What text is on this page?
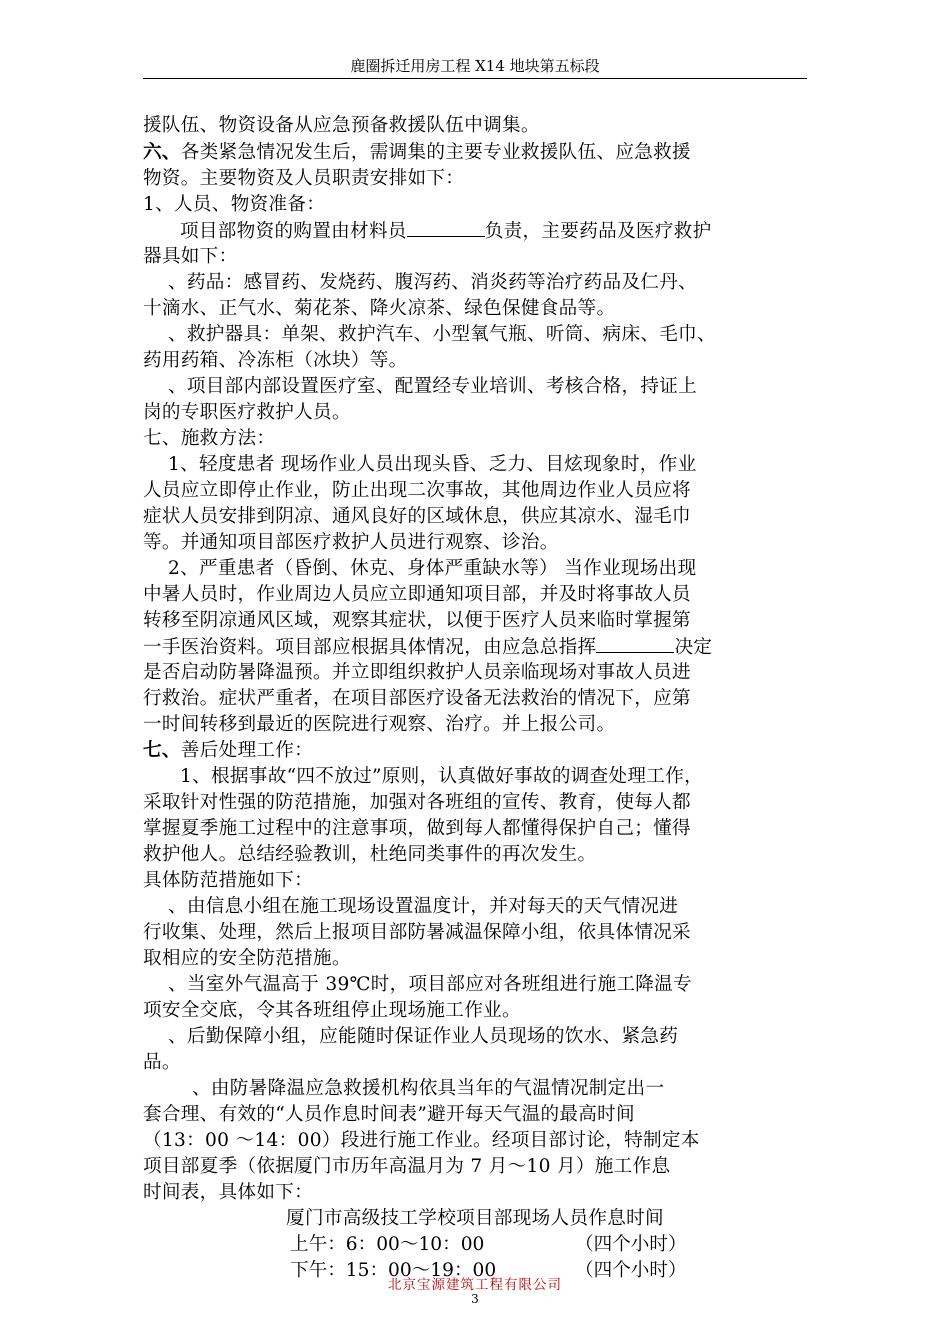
鹿圈拆迁用房工程 X14 地块第五标段
援队伍、物资设备从应急预备救援队伍中调集。
六、各类紧急情况发生后，需调集的主要专业救援队伍、应急救援
物资。主要物资及人员职责安排如下：
1、人员、物资准备：
项目部物资的购置由材料员	负责，主要药品及医疗救护
器具如下：
、药品：感冒药、发烧药、腹泻药、消炎药等治疗药品及仁丹、
十滴水、正气水、菊花茶、降火凉茶、绿色保健食品等。
、救护器具：单架、救护汽车、小型氧气瓶、听筒、病床、毛巾、
药用药箱、冷冻柜（冰块）等。
、项目部内部设置医疗室、配置经专业培训、考核合格，持证上
岗的专职医疗救护人员。
七、施救方法：
1、轻度患者 现场作业人员出现头昏、乏力、目炫现象时，作业
人员应立即停止作业，防止出现二次事故，其他周边作业人员应将
症状人员安排到阴凉、通风良好的区域休息，供应其凉水、湿毛巾
等。并通知项目部医疗救护人员进行观察、诊治。
2、严重患者（昏倒、休克、身体严重缺水等） 当作业现场出现
中暑人员时，作业周边人员应立即通知项目部，并及时将事故人员
转移至阴凉通风区域，观察其症状，以便于医疗人员来临时掌握第
一手医治资料。项目部应根据具体情况，由应急总指挥	决定
是否启动防暑降温预。并立即组织救护人员亲临现场对事故人员进
行救治。症状严重者，在项目部医疗设备无法救治的情况下，应第
一时间转移到最近的医院进行观察、治疗。并上报公司。
七、善后处理工作：
1、根据事故“四不放过”原则，认真做好事故的调查处理工作，
采取针对性强的防范措施，加强对各班组的宣传、教育，使每人都
掌握夏季施工过程中的注意事项，做到每人都懂得保护自己；懂得
救护他人。总结经验教训，杜绝同类事件的再次发生。
具体防范措施如下：
、由信息小组在施工现场设置温度计，并对每天的天气情况进
行收集、处理，然后上报项目部防暑减温保障小组，依具体情况采
取相应的安全防范措施。
、当室外气温高于 39℃时，项目部应对各班组进行施工降温专
项安全交底，令其各班组停止现场施工作业。
、后勤保障小组，应能随时保证作业人员现场的饮水、紧急药
品。
、由防暑降温应急救援机构依具当年的气温情况制定出一
套合理、有效的“人员作息时间表”避开每天气温的最高时间
（13：00 ～14：00）段进行施工作业。经项目部讨论，特制定本
项目部夏季（依据厦门市历年高温月为 7 月～10 月）施工作息
时间表，具体如下：
厦门市高级技工学校项目部现场人员作息时间
上午：6：00～10：00	（四个小时）
下午：15：00～19：00	（四个小时）
北京宝源建筑工程有限公司
3
